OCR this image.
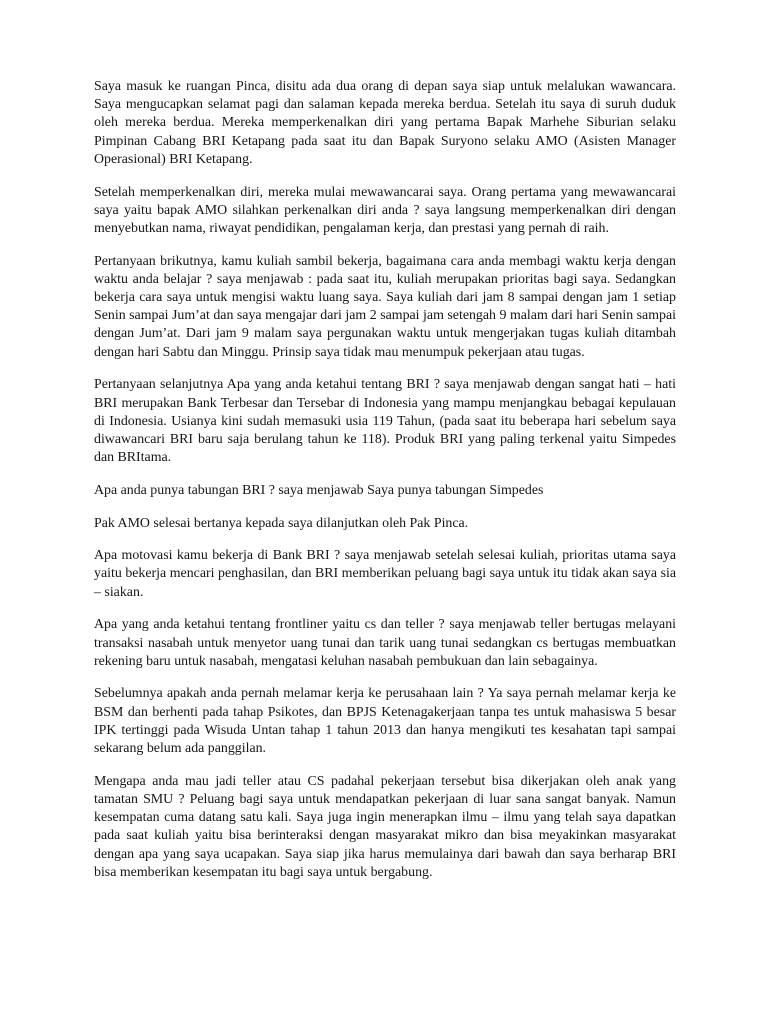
Saya masuk ke ruangan Pinca, disitu ada dua orang di depan saya siap untuk melalukan wawancara. Saya mengucapkan selamat pagi dan salaman kepada mereka berdua. Setelah itu saya di suruh duduk oleh mereka berdua. Mereka memperkenalkan diri yang pertama Bapak Marhehe Siburian selaku Pimpinan Cabang BRI Ketapang pada saat itu dan Bapak Suryono selaku AMO (Asisten Manager Operasional) BRI Ketapang.

Setelah memperkenalkan diri, mereka mulai mewawancarai saya. Orang pertama yang mewawancarai saya yaitu bapak AMO silahkan perkenalkan diri anda ? saya langsung memperkenalkan diri dengan menyebutkan nama, riwayat pendidikan, pengalaman kerja, dan prestasi yang pernah di raih.

Pertanyaan brikutnya, kamu kuliah sambil bekerja, bagaimana cara anda membagi waktu kerja dengan waktu anda belajar ? saya menjawab : pada saat itu, kuliah merupakan prioritas bagi saya. Sedangkan bekerja cara saya untuk mengisi waktu luang saya. Saya kuliah dari jam 8 sampai dengan jam 1 setiap Senin sampai Jum’at dan saya mengajar dari jam 2 sampai jam setengah 9 malam dari hari Senin sampai dengan Jum’at. Dari jam 9 malam saya pergunakan waktu untuk mengerjakan tugas kuliah ditambah dengan hari Sabtu dan Minggu. Prinsip saya tidak mau menumpuk pekerjaan atau tugas.

Pertanyaan selanjutnya Apa yang anda ketahui tentang BRI ? saya menjawab dengan sangat hati – hati BRI merupakan Bank Terbesar dan Tersebar di Indonesia yang mampu menjangkau bebagai kepulauan di Indonesia. Usianya kini sudah memasuki usia 119 Tahun, (pada saat itu beberapa hari sebelum saya diwawancari BRI baru saja berulang tahun ke 118). Produk BRI yang paling terkenal yaitu Simpedes dan BRItama.

Apa anda punya tabungan BRI ? saya menjawab Saya punya tabungan Simpedes

Pak AMO selesai bertanya kepada saya dilanjutkan oleh Pak Pinca.

Apa motovasi kamu bekerja di Bank BRI ? saya menjawab setelah selesai kuliah, prioritas utama saya yaitu bekerja mencari penghasilan, dan BRI memberikan peluang bagi saya untuk itu tidak akan saya sia – siakan.

Apa yang anda ketahui tentang frontliner yaitu cs dan teller ? saya menjawab teller bertugas melayani transaksi nasabah untuk menyetor uang tunai dan tarik uang tunai sedangkan cs bertugas membuatkan rekening baru untuk nasabah, mengatasi keluhan nasabah pembukuan dan lain sebagainya.

Sebelumnya apakah anda pernah melamar kerja ke perusahaan lain ? Ya saya pernah melamar kerja ke BSM dan berhenti pada tahap Psikotes, dan BPJS Ketenagakerjaan tanpa tes untuk mahasiswa 5 besar IPK tertinggi pada Wisuda Untan tahap 1 tahun 2013 dan hanya mengikuti tes kesahatan tapi sampai sekarang belum ada panggilan.

Mengapa anda mau jadi teller atau CS padahal pekerjaan tersebut bisa dikerjakan oleh anak yang tamatan SMU ? Peluang bagi saya untuk mendapatkan pekerjaan di luar sana sangat banyak. Namun kesempatan cuma datang satu kali. Saya juga ingin menerapkan ilmu – ilmu yang telah saya dapatkan pada saat kuliah yaitu bisa berinteraksi dengan masyarakat mikro dan bisa meyakinkan masyarakat dengan apa yang saya ucapakan. Saya siap jika harus memulainya dari bawah dan saya berharap BRI bisa memberikan kesempatan itu bagi saya untuk bergabung.
